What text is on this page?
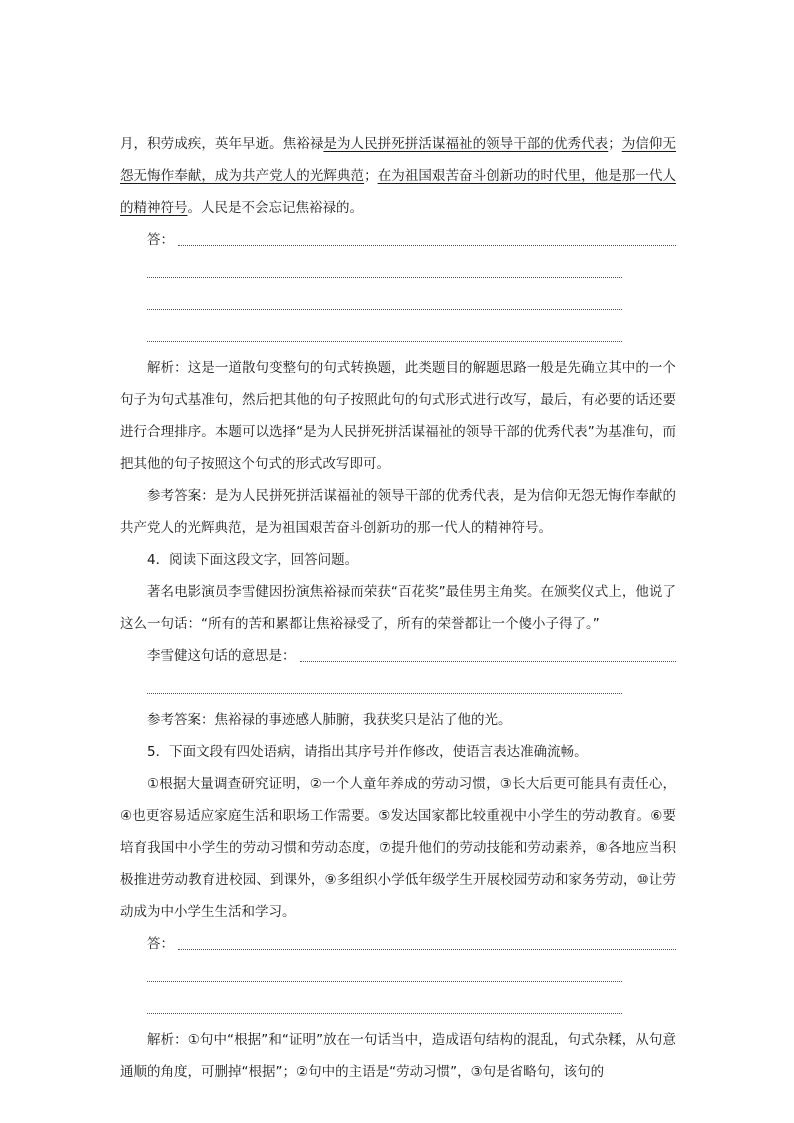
月，积劳成疾，英年早逝。焦裕禄是为人民拼死拼活谋福祉的领导干部的优秀代表；为信仰无怨无悔作奉献，成为共产党人的光辉典范；在为祖国艰苦奋斗创新功的时代里，他是那一代人的精神符号。人民是不会忘记焦裕禄的。

答：

解析：这是一道散句变整句的句式转换题，此类题目的解题思路一般是先确立其中的一个句子为句式基准句，然后把其他的句子按照此句的句式形式进行改写，最后，有必要的话还要进行合理排序。本题可以选择“是为人民拼死拼活谋福祉的领导干部的优秀代表”为基准句，而把其他的句子按照这个句式的形式改写即可。

参考答案：是为人民拼死拼活谋福祉的领导干部的优秀代表，是为信仰无怨无悔作奉献的共产党人的光辉典范，是为祖国艰苦奋斗创新功的那一代人的精神符号。

4．阅读下面这段文字，回答问题。

著名电影演员李雪健因扮演焦裕禄而荣获“百花奖”最佳男主角奖。在颁奖仪式上，他说了这么一句话：“所有的苦和累都让焦裕禄受了，所有的荣誉都让一个傻小子得了。”

李雪健这句话的意思是：

参考答案：焦裕禄的事迹感人肺腑，我获奖只是沾了他的光。

5．下面文段有四处语病，请指出其序号并作修改，使语言表达准确流畅。

①根据大量调查研究证明，②一个人童年养成的劳动习惯，③长大后更可能具有责任心，④也更容易适应家庭生活和职场工作需要。⑤发达国家都比较重视中小学生的劳动教育。⑥要培育我国中小学生的劳动习惯和劳动态度，⑦提升他们的劳动技能和劳动素养，⑧各地应当积极推进劳动教育进校园、到课外，⑨多组织小学低年级学生开展校园劳动和家务劳动，⑩让劳动成为中小学生生活和学习。

答：

解析：①句中“根据”和“证明”放在一句话当中，造成语句结构的混乱，句式杂糅，从句意通顺的角度，可删掉“根据”；②句中的主语是“劳动习惯”，③句是省略句，该句的
